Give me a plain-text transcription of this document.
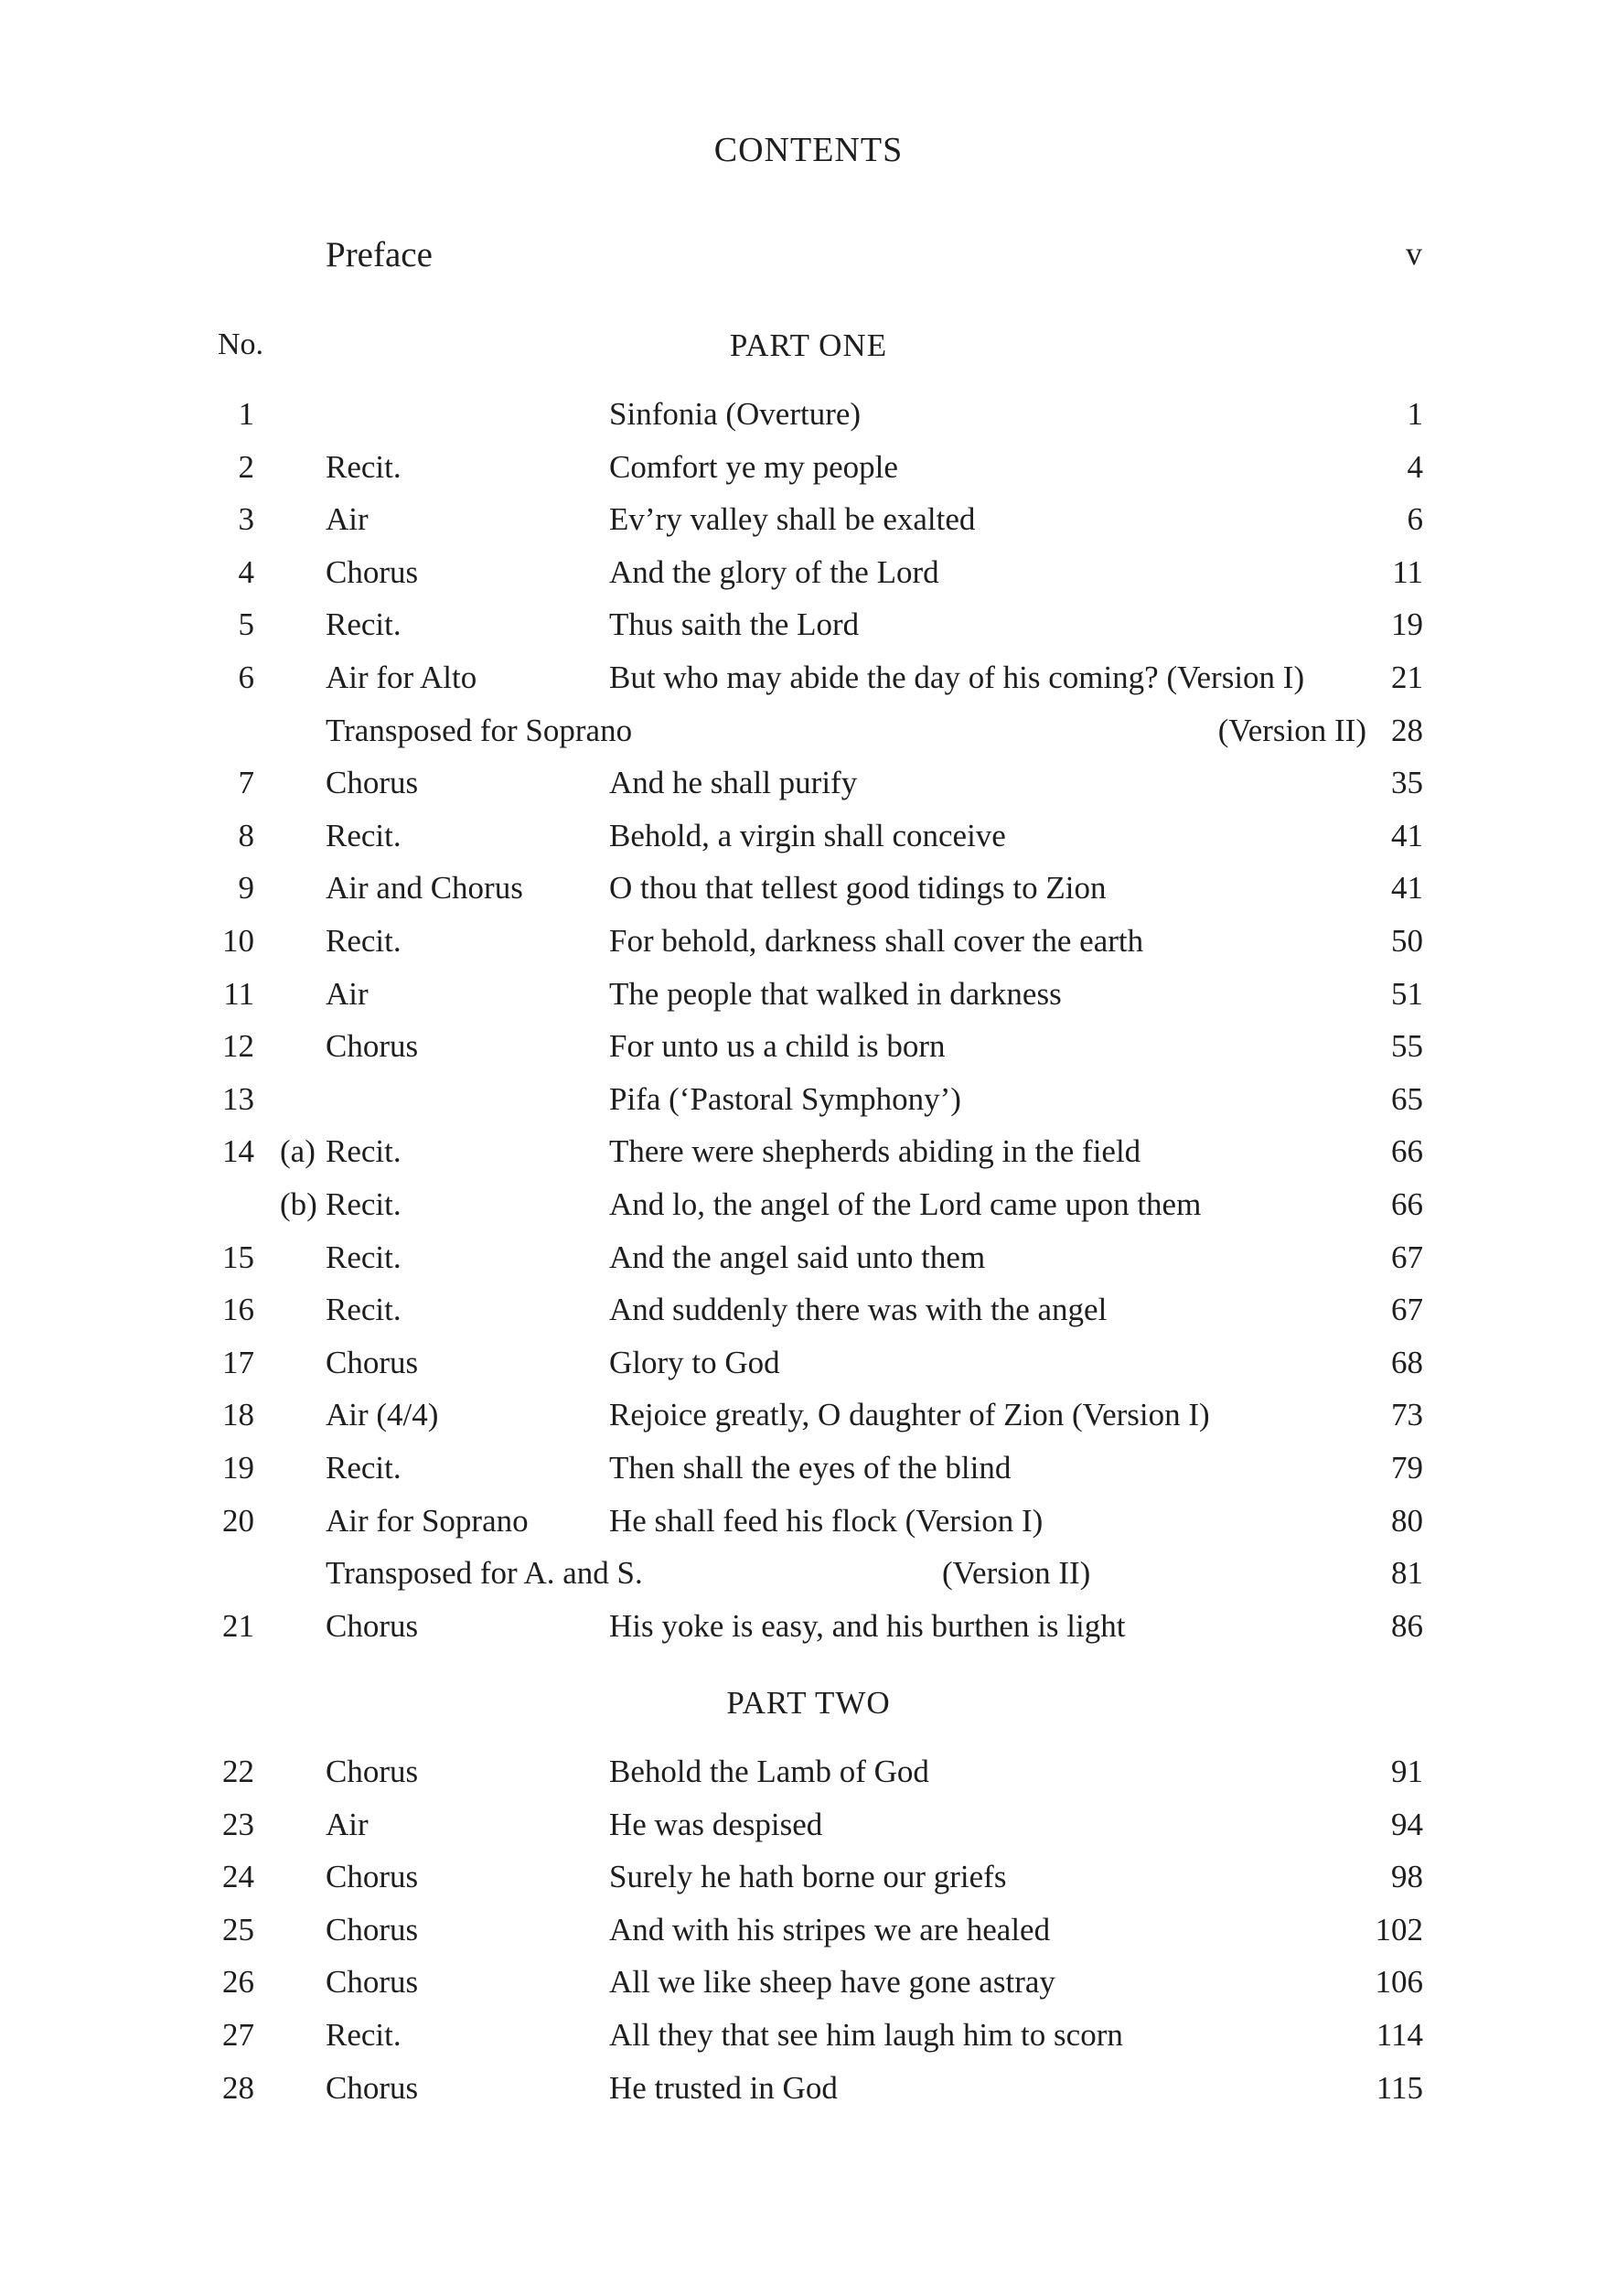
CONTENTS
Preface	v
No.	PART ONE
1	Sinfonia (Overture)	1
2 Recit.	Comfort ye my people	4
3 Air	Ev’ry valley shall be exalted	6
4 Chorus	And the glory of the Lord	11
5 Recit.	Thus saith the Lord	19
6 Air for Alto	But who may abide the day of his coming? (Version I)	21
Transposed for Soprano	(Version II) 28
7 Chorus	And he shall purify	35
8 Recit.	Behold, a virgin shall conceive	41
9 Air and Chorus	O thou that tellest good tidings to Zion	41
10 Recit.	For behold, darkness shall cover the earth	50
11 Air	The people that walked in darkness	51
12 Chorus	For unto us a child is born	55
13	Pifa (‘Pastoral Symphony’)	65
14 (a) Recit.	There were shepherds abiding in the field	66
(b) Recit.	And lo, the angel of the Lord came upon them	66
15 Recit.	And the angel said unto them	67
16 Recit.	And suddenly there was with the angel	67
17 Chorus	Glory to God	68
18 Air (4/4)	Rejoice greatly, O daughter of Zion (Version I)	73
19 Recit.	Then shall the eyes of the blind	79
20 Air for Soprano	He shall feed his flock (Version I)	80
Transposed for A. and S.	(Version II)	81
21 Chorus	His yoke is easy, and his burthen is light	86
PART TWO
22 Chorus	Behold the Lamb of God	91
23 Air	He was despised	94
24 Chorus	Surely he hath borne our griefs	98
25 Chorus	And with his stripes we are healed	102
26 Chorus	All we like sheep have gone astray	106
27 Recit.	All they that see him laugh him to scorn	114
28 Chorus	He trusted in God	115
